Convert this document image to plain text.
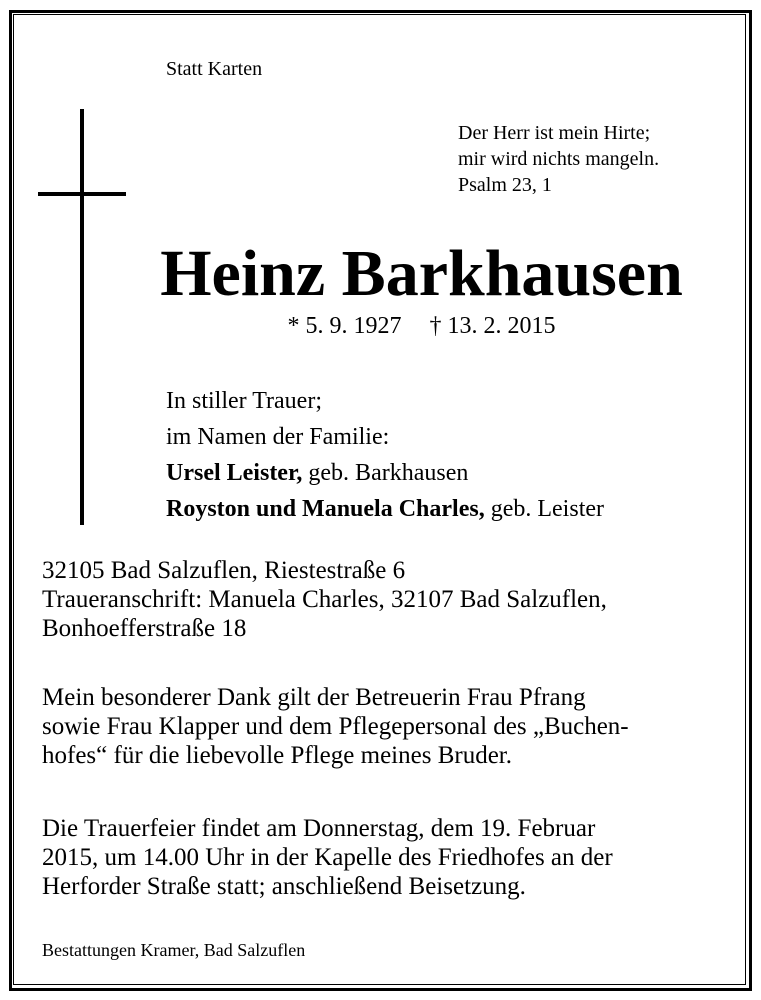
Statt Karten
Der Herr ist mein Hirte;
mir wird nichts mangeln.
Psalm 23, 1
Heinz Barkhausen
* 5. 9. 1927 † 13. 2. 2015
In stiller Trauer;
im Namen der Familie:
Ursel Leister, geb. Barkhausen
Royston und Manuela Charles, geb. Leister
32105 Bad Salzuflen, Riestestraße 6
Traueranschrift: Manuela Charles, 32107 Bad Salzuflen,
Bonhoefferstraße 18
Mein besonderer Dank gilt der Betreuerin Frau Pfrang
sowie Frau Klapper und dem Pflegepersonal des „Buchen-
hofes“ für die liebevolle Pflege meines Bruder.
Die Trauerfeier findet am Donnerstag, dem 19. Februar
2015, um 14.00 Uhr in der Kapelle des Friedhofes an der
Herforder Straße statt; anschließend Beisetzung.
Bestattungen Kramer, Bad Salzuflen
